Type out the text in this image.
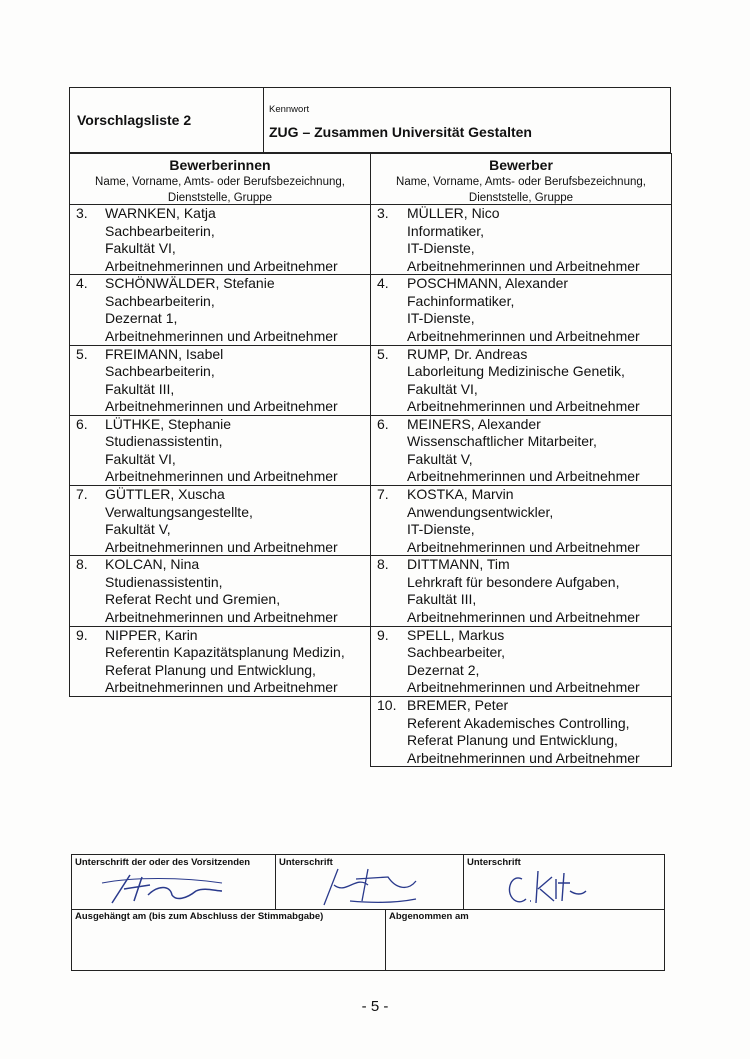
Vorschlagsliste 2
Kennwort
ZUG – Zusammen Universität Gestalten
Bewerberinnen
Name, Vorname, Amts- oder Berufsbezeichnung,
Dienststelle, Gruppe
3. WARNKEN, Katja
Sachbearbeiterin,
Fakultät VI,
Arbeitnehmerinnen und Arbeitnehmer
4. SCHÖNWÄLDER, Stefanie
Sachbearbeiterin,
Dezernat 1,
Arbeitnehmerinnen und Arbeitnehmer
5. FREIMANN, Isabel
Sachbearbeiterin,
Fakultät III,
Arbeitnehmerinnen und Arbeitnehmer
6. LÜTHKE, Stephanie
Studienassistentin,
Fakultät VI,
Arbeitnehmerinnen und Arbeitnehmer
7. GÜTTLER, Xuscha
Verwaltungsangestellte,
Fakultät V,
Arbeitnehmerinnen und Arbeitnehmer
8. KOLCAN, Nina
Studienassistentin,
Referat Recht und Gremien,
Arbeitnehmerinnen und Arbeitnehmer
9. NIPPER, Karin
Referentin Kapazitätsplanung Medizin,
Referat Planung und Entwicklung,
Arbeitnehmerinnen und Arbeitnehmer
Bewerber
Name, Vorname, Amts- oder Berufsbezeichnung,
Dienststelle, Gruppe
3. MÜLLER, Nico
Informatiker,
IT-Dienste,
Arbeitnehmerinnen und Arbeitnehmer
4. POSCHMANN, Alexander
Fachinformatiker,
IT-Dienste,
Arbeitnehmerinnen und Arbeitnehmer
5. RUMP, Dr. Andreas
Laborleitung Medizinische Genetik,
Fakultät VI,
Arbeitnehmerinnen und Arbeitnehmer
6. MEINERS, Alexander
Wissenschaftlicher Mitarbeiter,
Fakultät V,
Arbeitnehmerinnen und Arbeitnehmer
7. KOSTKA, Marvin
Anwendungsentwickler,
IT-Dienste,
Arbeitnehmerinnen und Arbeitnehmer
8. DITTMANN, Tim
Lehrkraft für besondere Aufgaben,
Fakultät III,
Arbeitnehmerinnen und Arbeitnehmer
9. SPELL, Markus
Sachbearbeiter,
Dezernat 2,
Arbeitnehmerinnen und Arbeitnehmer
10. BREMER, Peter
Referent Akademisches Controlling,
Referat Planung und Entwicklung,
Arbeitnehmerinnen und Arbeitnehmer
Unterschrift der oder des Vorsitzenden
Hdag
Unterschrift	Unterschrift
Ausgehängt am (bis zum Abschluss der Stimmabgabe)	Abgenommen am
- 5 -
